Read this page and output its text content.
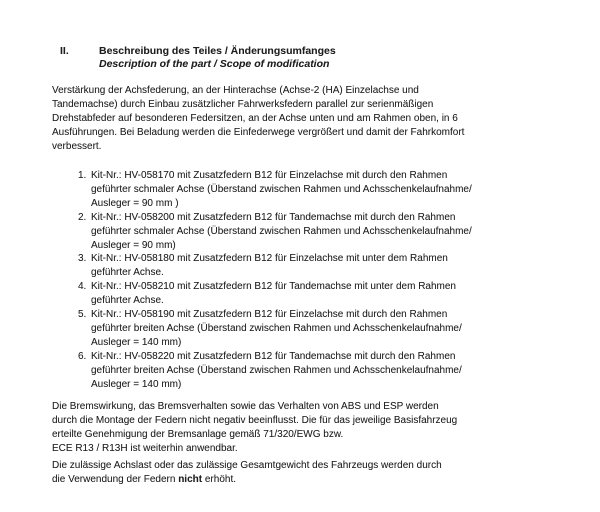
II.	Beschreibung des Teiles / Änderungsumfanges
Description of the part / Scope of modification
Verstärkung der Achsfederung, an der Hinterachse (Achse-2 (HA) Einzelachse und
Tandemachse) durch Einbau zusätzlicher Fahrwerksfedern parallel zur serienmäßigen
Drehstabfeder auf besonderen Federsitzen, an der Achse unten und am Rahmen oben, in 6
Ausführungen. Bei Beladung werden die Einfederwege vergrößert und damit der Fahrkomfort
verbessert.
1. Kit-Nr.: HV-058170 mit Zusatzfedern B12 für Einzelachse mit durch den Rahmen
geführter schmaler Achse (Überstand zwischen Rahmen und Achsschenkelaufnahme/
Ausleger = 90 mm )
2. Kit-Nr.: HV-058200 mit Zusatzfedern B12 für Tandemachse mit durch den Rahmen
geführter schmaler Achse (Überstand zwischen Rahmen und Achsschenkelaufnahme/
Ausleger = 90 mm)
3. Kit-Nr.: HV-058180 mit Zusatzfedern B12 für Einzelachse mit unter dem Rahmen
geführter Achse.
4. Kit-Nr.: HV-058210 mit Zusatzfedern B12 für Tandemachse mit unter dem Rahmen
geführter Achse.
5. Kit-Nr.: HV-058190 mit Zusatzfedern B12 für Einzelachse mit durch den Rahmen
geführter breiten Achse (Überstand zwischen Rahmen und Achsschenkelaufnahme/
Ausleger = 140 mm)
6. Kit-Nr.: HV-058220 mit Zusatzfedern B12 für Tandemachse mit durch den Rahmen
geführter breiten Achse (Überstand zwischen Rahmen und Achsschenkelaufnahme/
Ausleger = 140 mm)
Die Bremswirkung, das Bremsverhalten sowie das Verhalten von ABS und ESP werden
durch die Montage der Federn nicht negativ beeinflusst. Die für das jeweilige Basisfahrzeug
erteilte Genehmigung der Bremsanlage gemäß 71/320/EWG bzw.
ECE R13 / R13H ist weiterhin anwendbar.
Die zulässige Achslast oder das zulässige Gesamtgewicht des Fahrzeugs werden durch
die Verwendung der Federn nicht erhöht.
